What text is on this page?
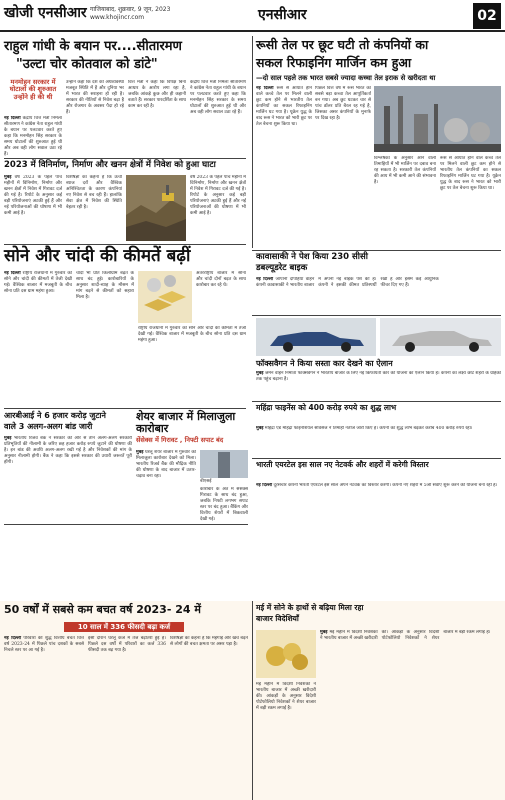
खोजी एनसीआर गाजियाबाद, शुक्रवार, 9 जून, 2023
www.khojincr.com	एनसीआर	02
राहुल गांधी के बयान पर....सीतारमण
"उल्टा चोर कोतवाल को डांटे"
मनमोहन सरकार में घोटालों की शुरुआत उन्होंने ही की थी
नई दिल्ली केंद्रीय वित्त मंत्री निर्मला सीतारमण ने कांग्रेस नेता राहुल गांधी के बयान पर पलटवार करते हुए कहा कि मनमोहन सिंह सरकार के समय घोटालों की शुरुआत हुई थी और अब वही लोग सवाल उठा रहे हैं।
उन्होंने कहा कि देश की अर्थव्यवस्था मजबूत स्थिति में है और दुनिया भर में भारत की सराहना हो रही है। सरकार की नीतियों से निवेश बढ़ा है और रोजगार के अवसर पैदा हो रहे हैं।
वित्त मंत्री ने कहा कि विपक्ष बिना आधार के आरोप लगा रहा है, जबकि आंकड़े कुछ और ही कहानी बताते हैं। सरकार पारदर्शिता के साथ काम कर रही है।
केंद्रीय वित्त मंत्री निर्मला सीतारमण ने कांग्रेस नेता राहुल गांधी के बयान पर पलटवार करते हुए कहा कि मनमोहन सिंह सरकार के समय घोटालों की शुरुआत हुई थी और अब वही लोग सवाल उठा रहे हैं।
2023 में विनिर्माण, निर्माण और खनन क्षेत्रों में निवेश को हुआ घाटा
मुंबई वर्ष 2023 के पहले पांच महीनों में विनिर्माण, निर्माण और खनन क्षेत्रों में निवेश में गिरावट दर्ज की गई है। रिपोर्ट के अनुसार कई बड़ी परियोजनाएं अटकी हुई हैं और नई परियोजनाओं की घोषणा में भी कमी आई है।
विशेषज्ञों का कहना है कि ऊंची ब्याज दरों और वैश्विक अनिश्चितता के कारण कंपनियां नए निवेश से बच रही हैं। हालांकि सेवा क्षेत्र में निवेश की स्थिति बेहतर रही है।
वर्ष 2023 के पहले पांच महीनों में विनिर्माण, निर्माण और खनन क्षेत्रों में निवेश में गिरावट दर्ज की गई है। रिपोर्ट के अनुसार कई बड़ी परियोजनाएं अटकी हुई हैं और नई परियोजनाओं की घोषणा में भी कमी आई है।
रूसी तेल पर छूट घटी तो कंपनियों का
सकल रिफाइनिंग मार्जिन कम हुआ
—दो साल पहले तक भारत सबसे ज्यादा कच्चा तेल इराक से खरीदता था
नई दिल्ली रूस से आयात होने वाले कच्चे तेल पर मिलने वाली छूट कम होने से भारतीय तेल कंपनियों का सकल रिफाइनिंग मार्जिन घट गया है। यूक्रेन युद्ध के बाद रूस ने भारत को भारी छूट पर तेल बेचना शुरू किया था।
पिछले वित्त वर्ष में रूस भारत का सबसे बड़ा कच्चा तेल आपूर्तिकर्ता बन गया। अब छूट घटकर चार से पांच डॉलर प्रति बैरल रह गई है, जिसका असर कंपनियों के मुनाफे पर दिख रहा है।
विश्लेषकों के अनुसार आने वाली तिमाहियों में भी मार्जिन पर दबाव बना रह सकता है। सरकारी तेल कंपनियों की आय में भी कमी आने की संभावना है।
रूस से आयात होने वाले कच्चे तेल पर मिलने वाली छूट कम होने से भारतीय तेल कंपनियों का सकल रिफाइनिंग मार्जिन घट गया है। यूक्रेन युद्ध के बाद रूस ने भारत को भारी छूट पर तेल बेचना शुरू किया था।
सोने और चांदी की कीमतें बढ़ीं
नई दिल्ली राष्ट्रीय राजधानी में गुरुवार को सोने और चांदी की कीमतों में तेजी देखी गई। वैश्विक बाजार में मजबूती के बीच सोना प्रति दस ग्राम महंगा हुआ।
चांदी भी प्रति किलोग्राम बढ़त के साथ बंद हुई। कारोबारियों के अनुसार शादी-ब्याह के मौसम में मांग बढ़ने से कीमतों को सहारा मिला है।
अंतरराष्ट्रीय बाजार में सोना और चांदी दोनों बढ़त के साथ कारोबार कर रहे थे।
राष्ट्रीय राजधानी में गुरुवार को सोने और चांदी की कीमतों में तेजी देखी गई। वैश्विक बाजार में मजबूती के बीच सोना प्रति दस ग्राम महंगा हुआ।
कावासाकी ने पेश किया 230 सीसी
डबल्यूडरेट बाइक
नई दिल्ली जापानी दोपहिया वाहन कंपनी कावासाकी ने भारतीय बाजार में अपनी नई बाइक पेश की है। कंपनी ने इसकी कीमत प्रतिस्पर्धी रखी है और इसमें कई आधुनिक फीचर दिए गए हैं।
फॉक्सवैगन ने किया सस्ता कार देखने का ऐलान
मुंबई जर्मन वाहन निर्माता फॉक्सवैगन ने भारतीय बाजार के लिए नई किफायती कार की योजना का ऐलान किया है। कंपनी का लक्ष्य छोटे शहरों के ग्राहकों तक पहुंच बढ़ाना है।
महिंद्रा फाइनेंस को 400 करोड़ रुपये का शुद्ध लाभ
मुंबई महिंद्रा एंड महिंद्रा फाइनेंशियल सर्विसेज ने तिमाही नतीजे जारी किए हैं। कंपनी का शुद्ध लाभ बढ़कर करीब 400 करोड़ रुपये रहा।
भारती एयरटेल इस साल नए नेटवर्क और शहरों में करेगी विस्तार
नई दिल्ली दूरसंचार कंपनी भारती एयरटेल इस साल अपने नेटवर्क का विस्तार करेगी। कंपनी नए शहरों में 5जी सेवाएं शुरू करने की योजना बना रही है।
आरबीआई ने 6 हजार करोड़ जुटाने
वाले 3 अलग-अलग बांड जारी
मुंबई भारतीय रिजर्व बैंक ने सरकार की ओर से तीन अलग-अलग सरकारी प्रतिभूतियों की नीलामी के जरिए छह हजार करोड़ रुपये जुटाने की घोषणा की है। इन बांड की अवधि अलग-अलग रखी गई है और निवेशकों की मांग के अनुसार नीलामी होगी। बैंक ने कहा कि इससे सरकार की उधारी जरूरतें पूरी होंगी।
शेयर बाजार में मिलाजुला कारोबार
सेंसेक्स में गिरावट , निफ्टी सपाट बंद
बीएसई
मुंबई घरेलू शेयर बाजार में गुरुवार को मिलाजुला कारोबार देखने को मिला। भारतीय रिजर्व बैंक की मौद्रिक नीति की घोषणा के बाद बाजार में उतार-चढ़ाव बना रहा।
कारोबार के अंत में सेंसेक्स गिरावट के साथ बंद हुआ, जबकि निफ्टी लगभग सपाट स्तर पर बंद हुआ। बैंकिंग और वित्तीय शेयरों में बिकवाली देखी गई।
50 वर्षों में सबसे कम बचत वर्ष 2023- 24 में
10 साल में 336 फीसदी बढ़ा कर्ज
नई दिल्ली परिवारों की शुद्ध वित्तीय बचत वित्त वर्ष 2023-24 में पिछले पांच दशकों के सबसे निचले स्तर पर आ गई है।
इसी दौरान घरेलू कर्ज में तेज बढ़ोतरी हुई है। पिछले दस वर्षों में परिवारों का कर्ज 336 फीसदी तक बढ़ गया है।
विशेषज्ञों का कहना है कि महंगाई और खर्च बढ़ने से लोगों की बचत क्षमता पर असर पड़ा है।
मई में सोने के हाथों से बढ़िया मिला रहा
बाजार विदेशियाँ
मुंबई मई महीने में विदेशी निवेशकों ने भारतीय बाजार में अच्छी खरीदारी की। आंकड़ों के अनुसार विदेशी पोर्टफोलियो निवेशकों ने शेयर बाजार में बड़ी रकम लगाई है।
मई महीने में विदेशी निवेशकों ने भारतीय बाजार में अच्छी खरीदारी की। आंकड़ों के अनुसार विदेशी पोर्टफोलियो निवेशकों ने शेयर बाजार में बड़ी रकम लगाई है।
